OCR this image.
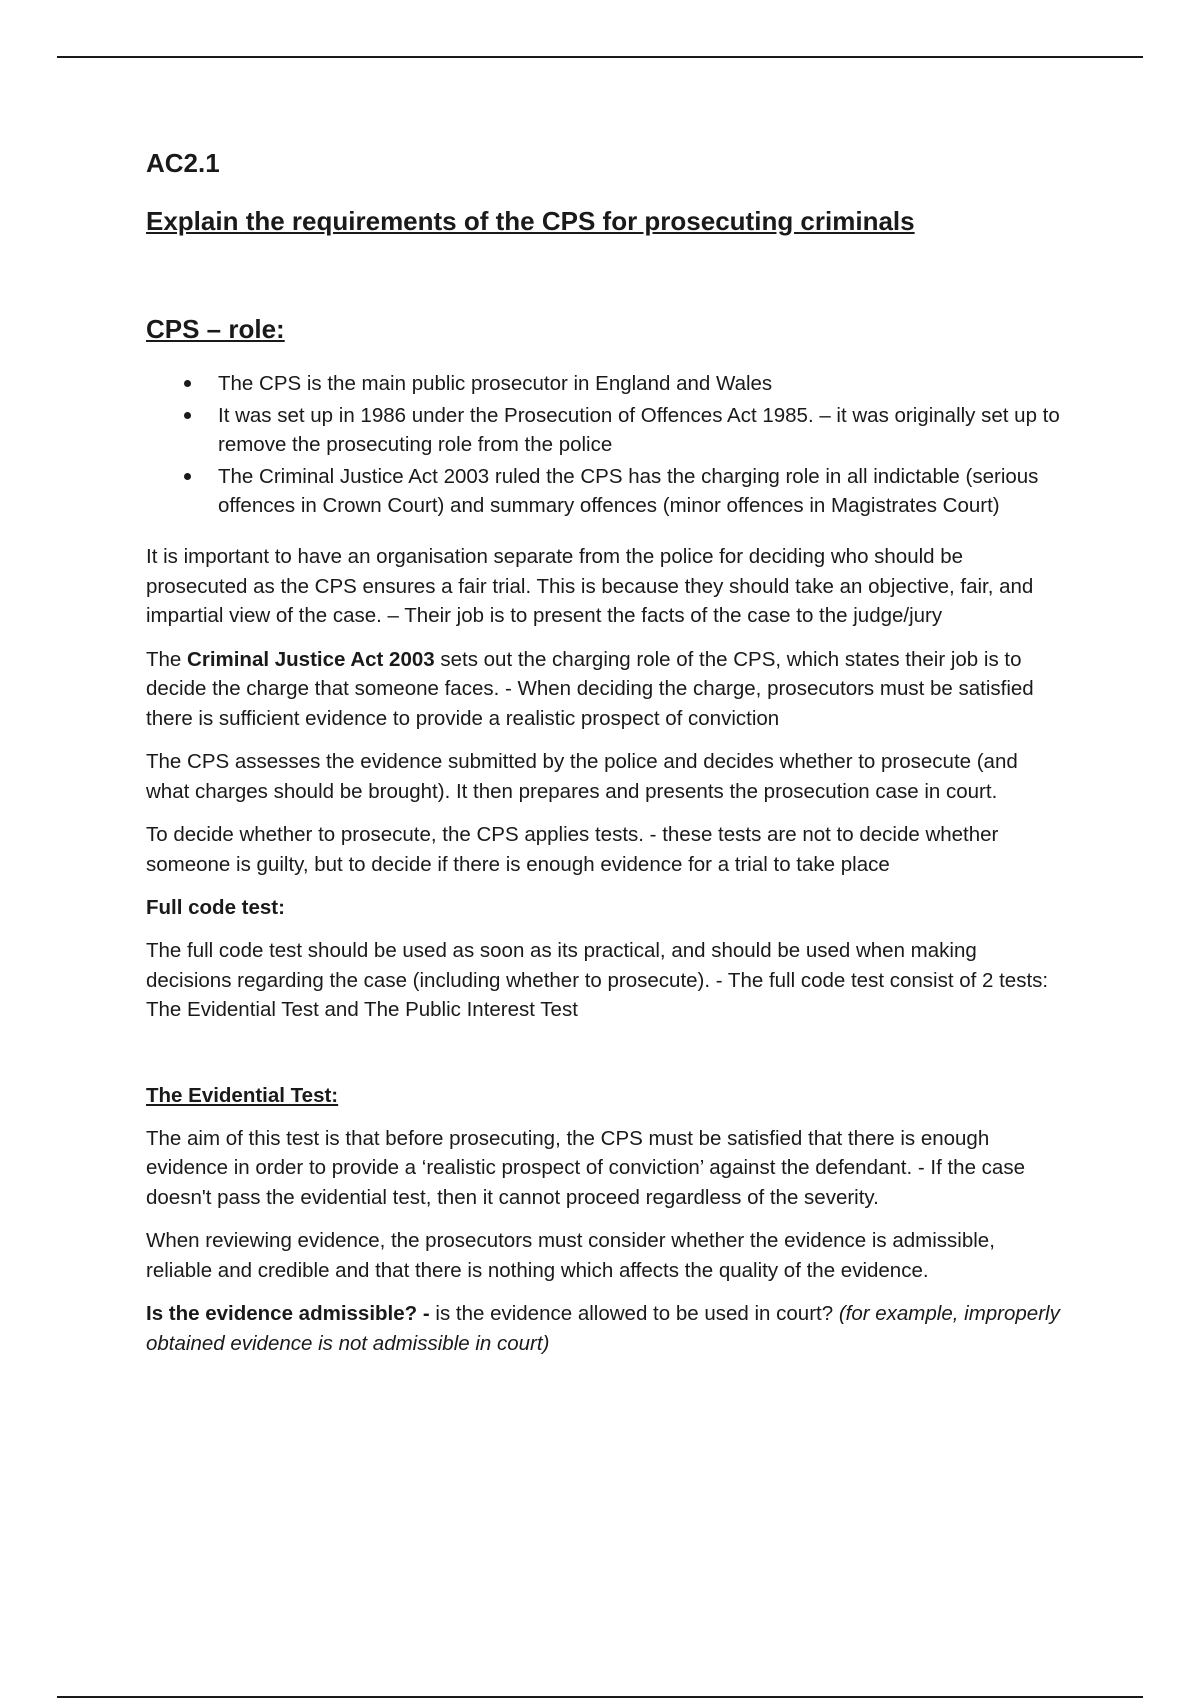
AC2.1
Explain the requirements of the CPS for prosecuting criminals
CPS – role:
The CPS is the main public prosecutor in England and Wales
It was set up in 1986 under the Prosecution of Offences Act 1985. – it was originally set up to remove the prosecuting role from the police
The Criminal Justice Act 2003 ruled the CPS has the charging role in all indictable (serious offences in Crown Court) and summary offences (minor offences in Magistrates Court)

It is important to have an organisation separate from the police for deciding who should be prosecuted as the CPS ensures a fair trial. This is because they should take an objective, fair, and impartial view of the case. – Their job is to present the facts of the case to the judge/jury

The Criminal Justice Act 2003 sets out the charging role of the CPS, which states their job is to decide the charge that someone faces. - When deciding the charge, prosecutors must be satisfied there is sufficient evidence to provide a realistic prospect of conviction

The CPS assesses the evidence submitted by the police and decides whether to prosecute (and what charges should be brought). It then prepares and presents the prosecution case in court.

To decide whether to prosecute, the CPS applies tests. - these tests are not to decide whether someone is guilty, but to decide if there is enough evidence for a trial to take place

Full code test:

The full code test should be used as soon as its practical, and should be used when making decisions regarding the case (including whether to prosecute). - The full code test consist of 2 tests: The Evidential Test and The Public Interest Test

The Evidential Test:

The aim of this test is that before prosecuting, the CPS must be satisfied that there is enough evidence in order to provide a ‘realistic prospect of conviction’ against the defendant. - If the case doesn't pass the evidential test, then it cannot proceed regardless of the severity.

When reviewing evidence, the prosecutors must consider whether the evidence is admissible, reliable and credible and that there is nothing which affects the quality of the evidence.

Is the evidence admissible? - is the evidence allowed to be used in court? (for example, improperly obtained evidence is not admissible in court)
